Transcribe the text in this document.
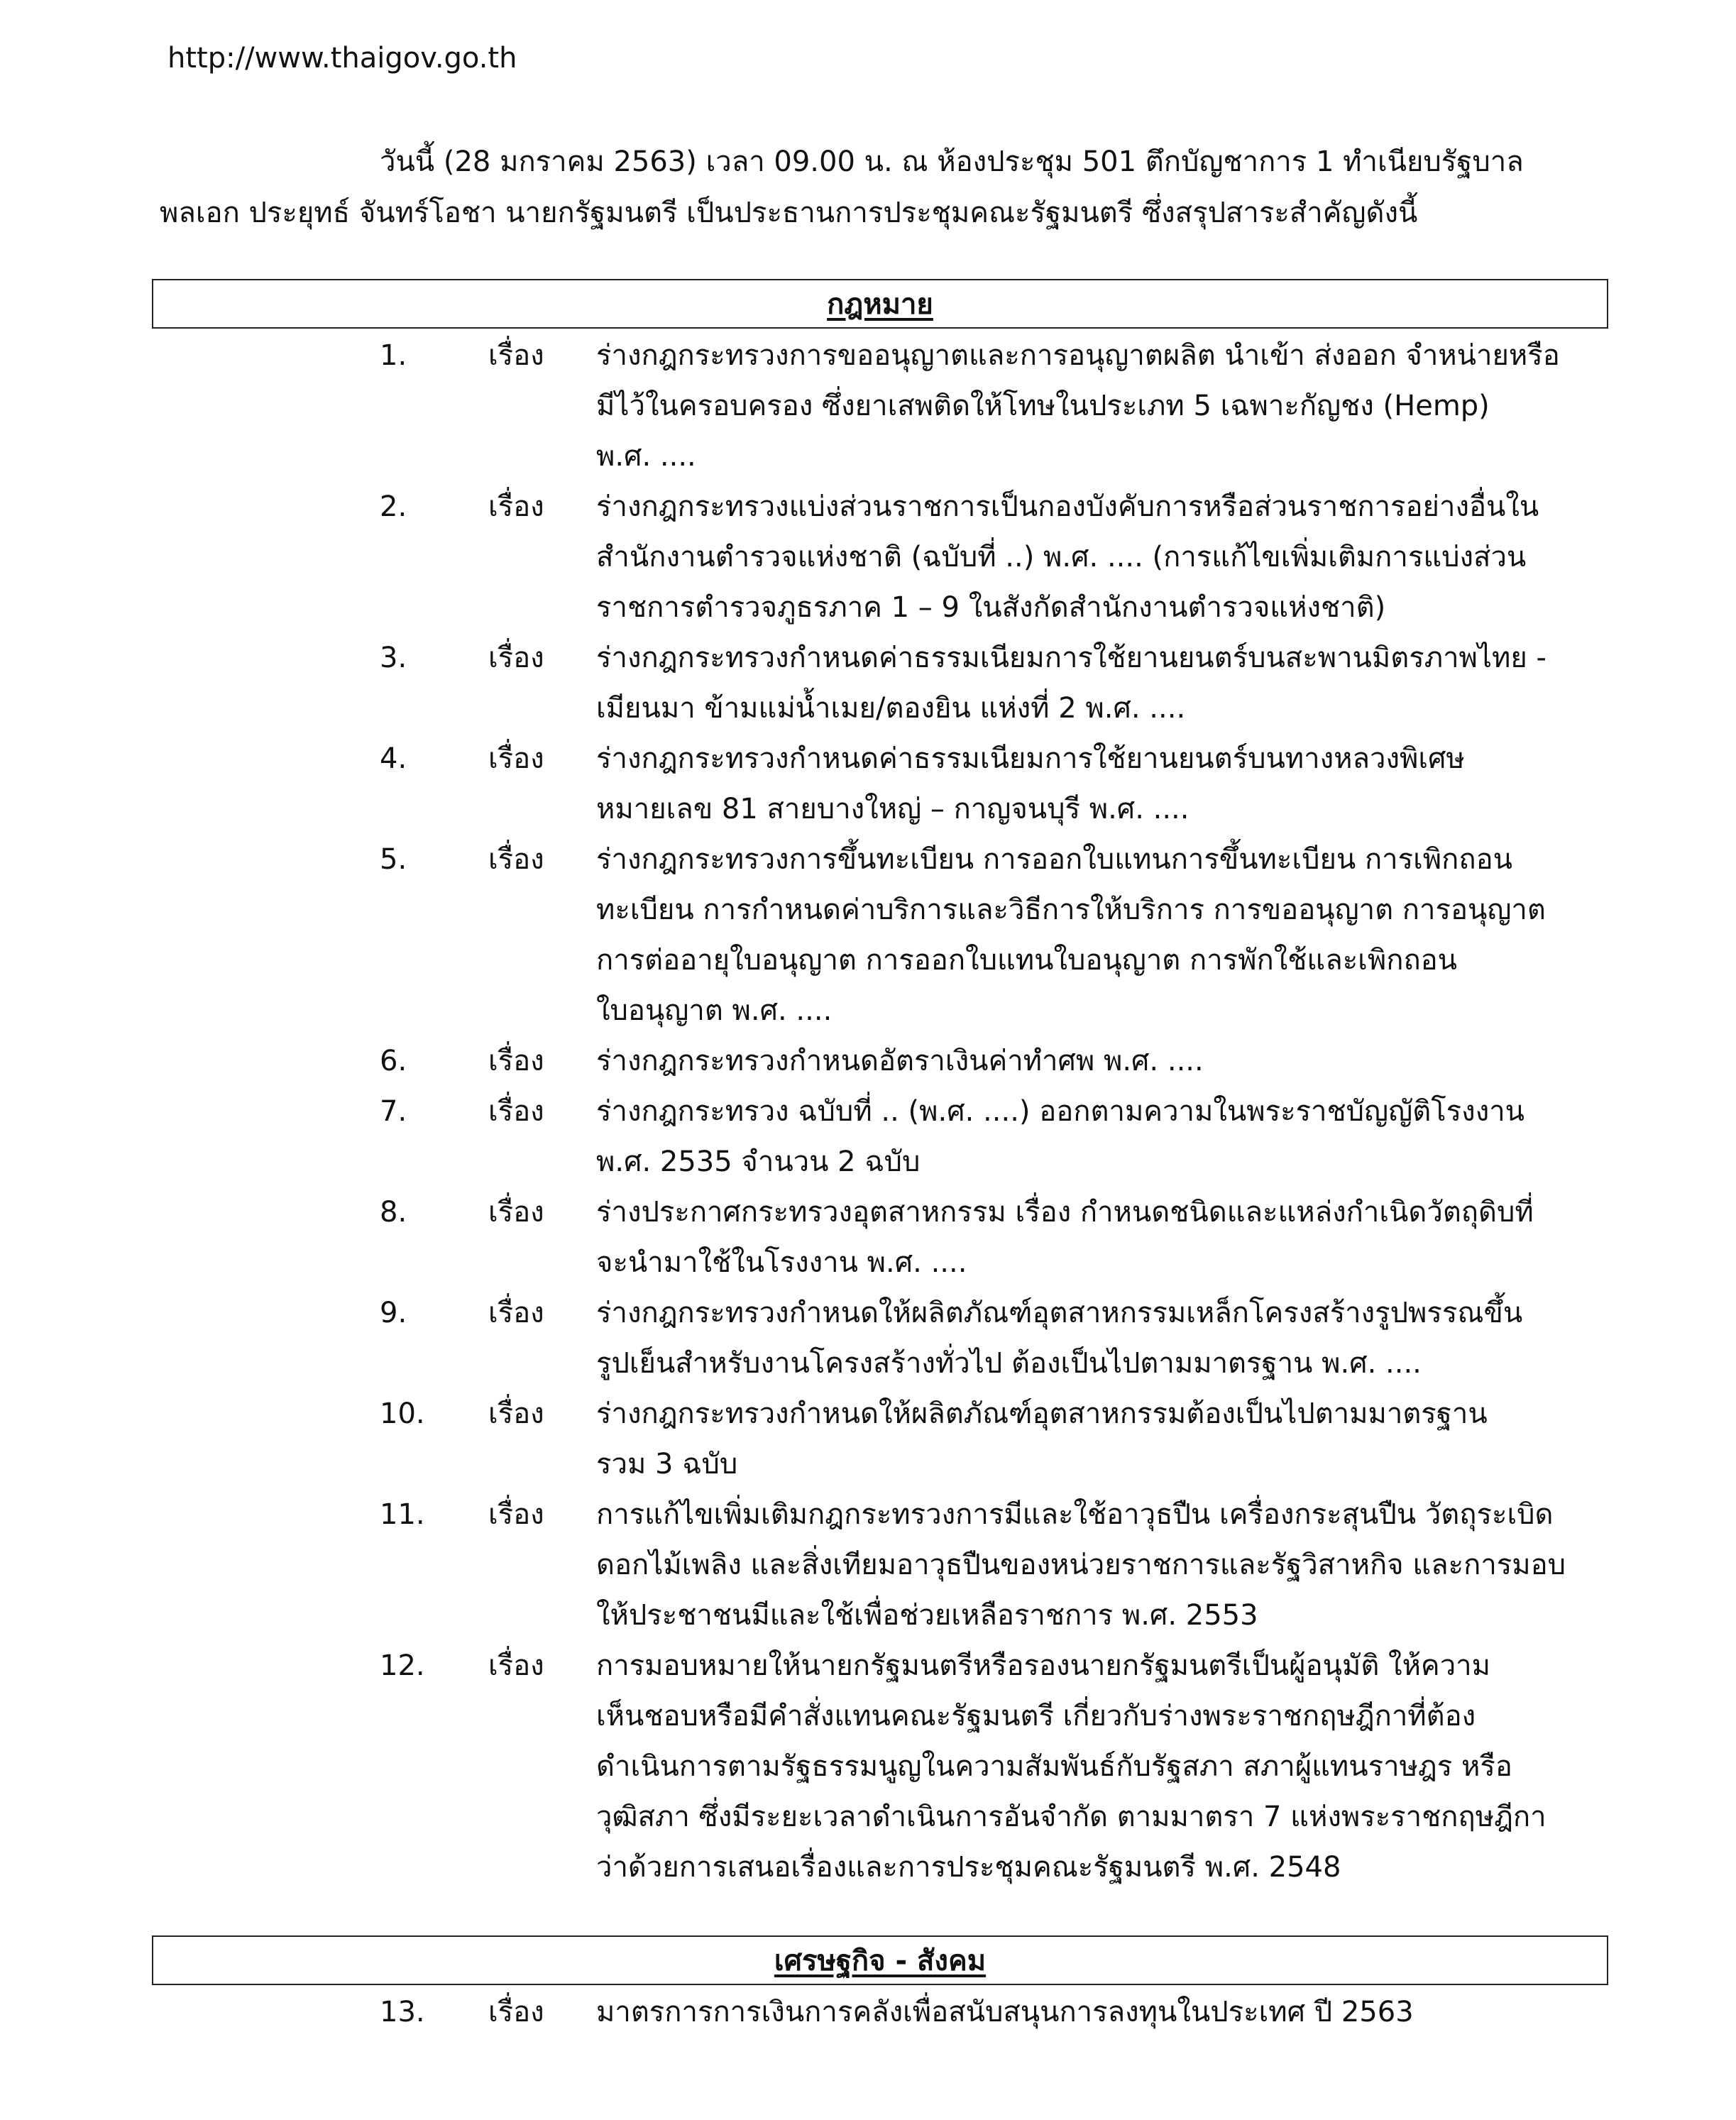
http://www.thaigov.go.th
วันนี้ (28 มกราคม 2563) เวลา 09.00 น. ณ ห้องประชุม 501 ตึกบัญชาการ 1 ทำเนียบรัฐบาล
พลเอก ประยุทธ์ จันทร์โอชา นายกรัฐมนตรี เป็นประธานการประชุมคณะรัฐมนตรี ซึ่งสรุปสาระสำคัญดังนี้
กฎหมาย
1.	เรื่อง ร่างกฎกระทรวงการขออนุญาตและการอนุญาตผลิต นำเข้า ส่งออก จำหน่ายหรือ
มีไว้ในครอบครอง ซึ่งยาเสพติดให้โทษในประเภท 5 เฉพาะกัญชง (Hemp)
พ.ศ. ....
2.	เรื่อง ร่างกฎกระทรวงแบ่งส่วนราชการเป็นกองบังคับการหรือส่วนราชการอย่างอื่นใน
สำนักงานตำรวจแห่งชาติ (ฉบับที่ ..) พ.ศ. .... (การแก้ไขเพิ่มเติมการแบ่งส่วน
ราชการตำรวจภูธรภาค 1 – 9 ในสังกัดสำนักงานตำรวจแห่งชาติ)
3.	เรื่อง ร่างกฎกระทรวงกำหนดค่าธรรมเนียมการใช้ยานยนตร์บนสะพานมิตรภาพไทย -
เมียนมา ข้ามแม่น้ำเมย/ตองยิน แห่งที่ 2 พ.ศ. ....
4.	เรื่อง ร่างกฎกระทรวงกำหนดค่าธรรมเนียมการใช้ยานยนตร์บนทางหลวงพิเศษ
หมายเลข 81 สายบางใหญ่ – กาญจนบุรี พ.ศ. ....
5.	เรื่อง ร่างกฎกระทรวงการขึ้นทะเบียน การออกใบแทนการขึ้นทะเบียน การเพิกถอน
ทะเบียน การกำหนดค่าบริการและวิธีการให้บริการ การขออนุญาต การอนุญาต
การต่ออายุใบอนุญาต การออกใบแทนใบอนุญาต การพักใช้และเพิกถอน
ใบอนุญาต พ.ศ. ....
6.	เรื่อง ร่างกฎกระทรวงกำหนดอัตราเงินค่าทำศพ พ.ศ. ....
7.	เรื่อง ร่างกฎกระทรวง ฉบับที่ .. (พ.ศ. ....) ออกตามความในพระราชบัญญัติโรงงาน
พ.ศ. 2535 จำนวน 2 ฉบับ
8.	เรื่อง ร่างประกาศกระทรวงอุตสาหกรรม เรื่อง กำหนดชนิดและแหล่งกำเนิดวัตถุดิบที่
จะนำมาใช้ในโรงงาน พ.ศ. ....
9.	เรื่อง ร่างกฎกระทรวงกำหนดให้ผลิตภัณฑ์อุตสาหกรรมเหล็กโครงสร้างรูปพรรณขึ้น
รูปเย็นสำหรับงานโครงสร้างทั่วไป ต้องเป็นไปตามมาตรฐาน พ.ศ. ....
10. เรื่อง ร่างกฎกระทรวงกำหนดให้ผลิตภัณฑ์อุตสาหกรรมต้องเป็นไปตามมาตรฐาน
รวม 3 ฉบับ
11. เรื่อง การแก้ไขเพิ่มเติมกฎกระทรวงการมีและใช้อาวุธปืน เครื่องกระสุนปืน วัตถุระเบิด
ดอกไม้เพลิง และสิ่งเทียมอาวุธปืนของหน่วยราชการและรัฐวิสาหกิจ และการมอบ
ให้ประชาชนมีและใช้เพื่อช่วยเหลือราชการ พ.ศ. 2553
12. เรื่อง การมอบหมายให้นายกรัฐมนตรีหรือรองนายกรัฐมนตรีเป็นผู้อนุมัติ ให้ความ
เห็นชอบหรือมีคำสั่งแทนคณะรัฐมนตรี เกี่ยวกับร่างพระราชกฤษฎีกาที่ต้อง
ดำเนินการตามรัฐธรรมนูญในความสัมพันธ์กับรัฐสภา สภาผู้แทนราษฎร หรือ
วุฒิสภา ซึ่งมีระยะเวลาดำเนินการอันจำกัด ตามมาตรา 7 แห่งพระราชกฤษฎีกา
ว่าด้วยการเสนอเรื่องและการประชุมคณะรัฐมนตรี พ.ศ. 2548
เศรษฐกิจ - สังคม
13. เรื่อง มาตรการการเงินการคลังเพื่อสนับสนุนการลงทุนในประเทศ ปี 2563
